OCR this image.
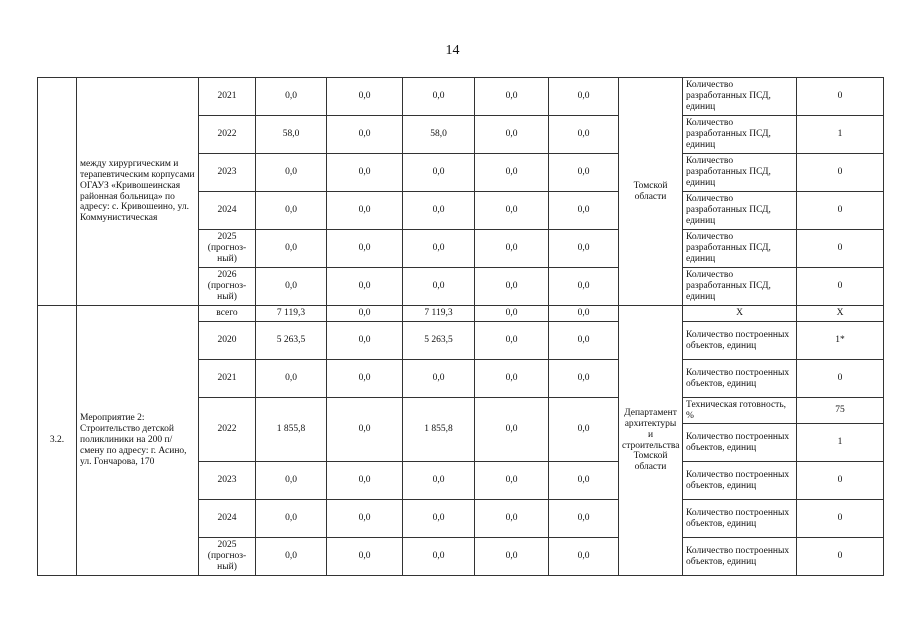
14
	между хирургическим и терапевтическим корпусами ОГАУЗ «Кривошеинская районная больница» по адресу: с. Кривошеино, ул. Коммунистическая	2021	0,0	0,0	0,0	0,0	0,0	Томской области	Количество разработанных ПСД, единиц	0
		2022	58,0	0,0	58,0	0,0	0,0		Количество разработанных ПСД, единиц	1
		2023	0,0	0,0	0,0	0,0	0,0		Количество разработанных ПСД, единиц	0
		2024	0,0	0,0	0,0	0,0	0,0		Количество разработанных ПСД, единиц	0
		2025 (прогноз-ный)	0,0	0,0	0,0	0,0	0,0		Количество разработанных ПСД, единиц	0
		2026 (прогноз-ный)	0,0	0,0	0,0	0,0	0,0		Количество разработанных ПСД, единиц	0
3.2.	Мероприятие 2: Строительство детской поликлиники на 200 п/смену по адресу: г. Асино, ул. Гончарова, 170	всего	7 119,3	0,0	7 119,3	0,0	0,0	Департамент архитектуры и строительства Томской области	X	X
		2020	5 263,5	0,0	5 263,5	0,0	0,0		Количество построенных объектов, единиц	1*
		2021	0,0	0,0	0,0	0,0	0,0		Количество построенных объектов, единиц	0
		2022	1 855,8	0,0	1 855,8	0,0	0,0		Техническая готовность, %	75
									Количество построенных объектов, единиц	1
		2023	0,0	0,0	0,0	0,0	0,0		Количество построенных объектов, единиц	0
		2024	0,0	0,0	0,0	0,0	0,0		Количество построенных объектов, единиц	0
		2025 (прогноз-ный)	0,0	0,0	0,0	0,0	0,0		Количество построенных объектов, единиц	0
